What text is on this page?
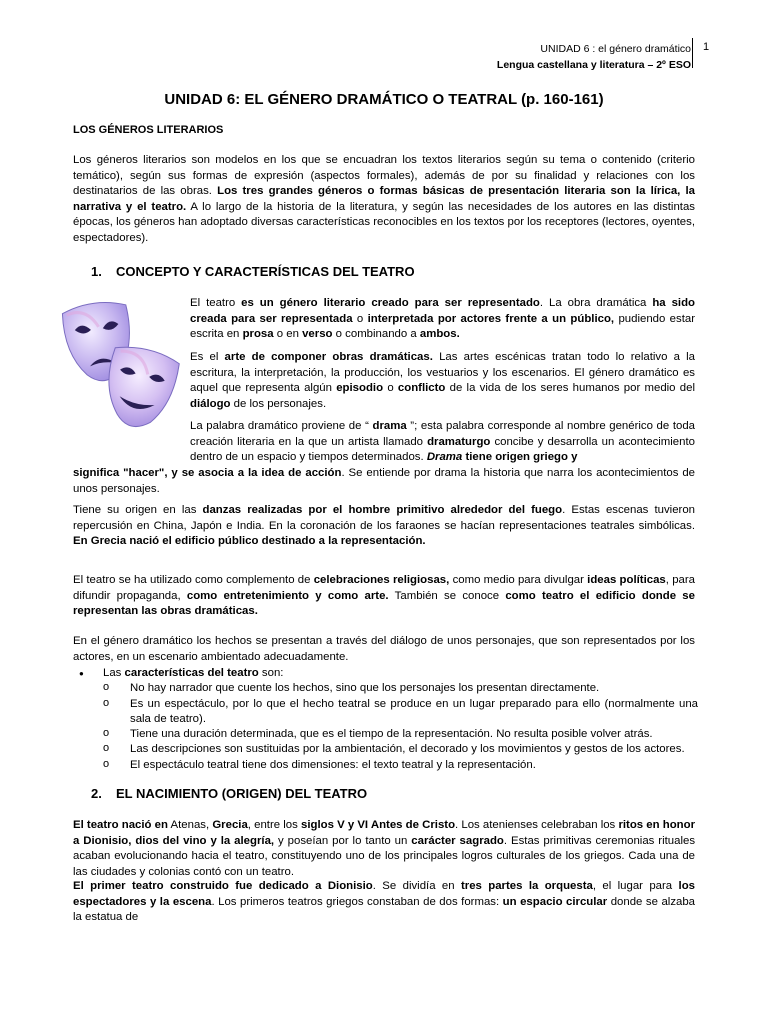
UNIDAD 6 : el género dramático
Lengua castellana y literatura – 2º ESO
1
UNIDAD 6: EL GÉNERO DRAMÁTICO O TEATRAL (p. 160-161)
LOS GÉNEROS LITERARIOS
Los géneros literarios son modelos en los que se encuadran los textos literarios según su tema o contenido (criterio temático), según sus formas de expresión (aspectos formales), además de por su finalidad y relaciones con los destinatarios de las obras. Los tres grandes géneros o formas básicas de presentación literaria son la lírica, la narrativa y el teatro. A lo largo de la historia de la literatura, y según las necesidades de los autores en las distintas épocas, los géneros han adoptado diversas características reconocibles en los textos por los receptores (lectores, oyentes, espectadores).
1. CONCEPTO Y CARACTERÍSTICAS DEL TEATRO
El teatro es un género literario creado para ser representado. La obra dramática ha sido creada para ser representada o interpretada por actores frente a un público, pudiendo estar escrita en prosa o en verso o combinando a ambos.
Es el arte de componer obras dramáticas. Las artes escénicas tratan todo lo relativo a la escritura, la interpretación, la producción, los vestuarios y los escenarios. El género dramático es aquel que representa algún episodio o conflicto de la vida de los seres humanos por medio del diálogo de los personajes.
La palabra dramático proviene de “ drama ”; esta palabra corresponde al nombre genérico de toda creación literaria en la que un artista llamado dramaturgo concibe y desarrolla un acontecimiento dentro de un espacio y tiempos determinados. Drama tiene origen griego y
significa "hacer", y se asocia a la idea de acción. Se entiende por drama la historia que narra los acontecimientos de unos personajes.
Tiene su origen en las danzas realizadas por el hombre primitivo alrededor del fuego. Estas escenas tuvieron repercusión en China, Japón e India. En la coronación de los faraones se hacían representaciones teatrales simbólicas. En Grecia nació el edificio público destinado a la representación.
El teatro se ha utilizado como complemento de celebraciones religiosas, como medio para divulgar ideas políticas, para difundir propaganda, como entretenimiento y como arte. También se conoce como teatro el edificio donde se representan las obras dramáticas.
En el género dramático los hechos se presentan a través del diálogo de unos personajes, que son representados por los actores, en un escenario ambientado adecuadamente.
● Las características del teatro son:
o No hay narrador que cuente los hechos, sino que los personajes los presentan directamente.
o Es un espectáculo, por lo que el hecho teatral se produce en un lugar preparado para ello (normalmente una sala de teatro).
o Tiene una duración determinada, que es el tiempo de la representación. No resulta posible volver atrás.
o Las descripciones son sustituidas por la ambientación, el decorado y los movimientos y gestos de los actores.
o El espectáculo teatral tiene dos dimensiones: el texto teatral y la representación.
2. EL NACIMIENTO (ORIGEN) DEL TEATRO
El teatro nació en Atenas, Grecia, entre los siglos V y VI Antes de Cristo. Los atenienses celebraban los ritos en honor a Dionisio, dios del vino y la alegría, y poseían por lo tanto un carácter sagrado. Estas primitivas ceremonias rituales acaban evolucionando hacia el teatro, constituyendo uno de los principales logros culturales de los griegos. Cada una de las ciudades y colonias contó con un teatro.
El primer teatro construido fue dedicado a Dionisio. Se dividía en tres partes la orquesta, el lugar para los espectadores y la escena. Los primeros teatros griegos constaban de dos formas: un espacio circular donde se alzaba la estatua de
